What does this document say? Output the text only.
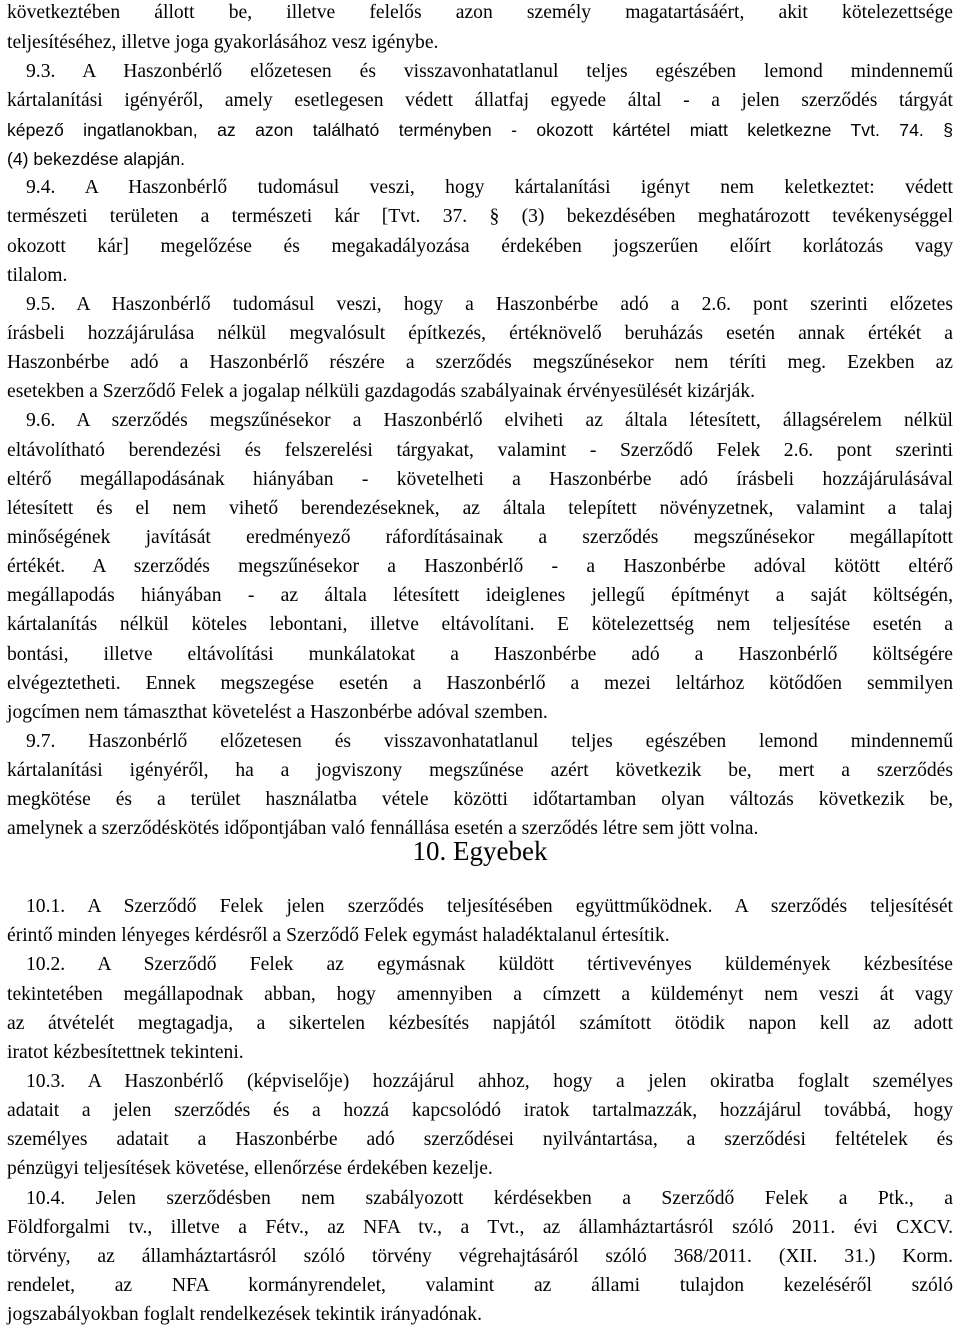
következtében állott be, illetve felelős azon személy magatartásáért, akit kötelezettsége
teljesítéséhez, illetve joga gyakorlásához vesz igénybe.
9.3. A Haszonbérlő előzetesen és visszavonhatatlanul teljes egészében lemond mindennemű
kártalanítási igényéről, amely esetlegesen védett állatfaj egyede által - a jelen szerződés tárgyát
képező ingatlanokban, az azon található terményben - okozott kártétel miatt keletkezne Tvt. 74. §
(4) bekezdése alapján.
9.4. A Haszonbérlő tudomásul veszi, hogy kártalanítási igényt nem keletkeztet: védett
természeti területen a természeti kár [Tvt. 37. § (3) bekezdésében meghatározott tevékenységgel
okozott kár] megelőzése és megakadályozása érdekében jogszerűen előírt korlátozás vagy
tilalom.
9.5. A Haszonbérlő tudomásul veszi, hogy a Haszonbérbe adó a 2.6. pont szerinti előzetes
írásbeli hozzájárulása nélkül megvalósult építkezés, értéknövelő beruházás esetén annak értékét a
Haszonbérbe adó a Haszonbérlő részére a szerződés megszűnésekor nem téríti meg. Ezekben az
esetekben a Szerződő Felek a jogalap nélküli gazdagodás szabályainak érvényesülését kizárják.
9.6. A szerződés megszűnésekor a Haszonbérlő elviheti az általa létesített, állagsérelem nélkül
eltávolítható berendezési és felszerelési tárgyakat, valamint - Szerződő Felek 2.6. pont szerinti
eltérő megállapodásának hiányában - követelheti a Haszonbérbe adó írásbeli hozzájárulásával
létesített és el nem vihető berendezéseknek, az általa telepített növényzetnek, valamint a talaj
minőségének javítását eredményező ráfordításainak a szerződés megszűnésekor megállapított
értékét. A szerződés megszűnésekor a Haszonbérlő - a Haszonbérbe adóval kötött eltérő
megállapodás hiányában - az általa létesített ideiglenes jellegű építményt a saját költségén,
kártalanítás nélkül köteles lebontani, illetve eltávolítani. E kötelezettség nem teljesítése esetén a
bontási, illetve eltávolítási munkálatokat a Haszonbérbe adó a Haszonbérlő költségére
elvégeztetheti. Ennek megszegése esetén a Haszonbérlő a mezei leltárhoz kötődően semmilyen
jogcímen nem támaszthat követelést a Haszonbérbe adóval szemben.
9.7. Haszonbérlő előzetesen és visszavonhatatlanul teljes egészében lemond mindennemű
kártalanítási igényéről, ha a jogviszony megszűnése azért következik be, mert a szerződés
megkötése és a terület használatba vétele közötti időtartamban olyan változás következik be,
amelynek a szerződéskötés időpontjában való fennállása esetén a szerződés létre sem jött volna.
10. Egyebek
10.1. A Szerződő Felek jelen szerződés teljesítésében együttműködnek. A szerződés teljesítését
érintő minden lényeges kérdésről a Szerződő Felek egymást haladéktalanul értesítik.
10.2. A Szerződő Felek az egymásnak küldött tértivevényes küldemények kézbesítése
tekintetében megállapodnak abban, hogy amennyiben a címzett a küldeményt nem veszi át vagy
az átvételét megtagadja, a sikertelen kézbesítés napjától számított ötödik napon kell az adott
iratot kézbesítettnek tekinteni.
10.3. A Haszonbérlő (képviselője) hozzájárul ahhoz, hogy a jelen okiratba foglalt személyes
adatait a jelen szerződés és a hozzá kapcsolódó iratok tartalmazzák, hozzájárul továbbá, hogy
személyes adatait a Haszonbérbe adó szerződései nyilvántartása, a szerződési feltételek és
pénzügyi teljesítések követése, ellenőrzése érdekében kezelje.
10.4. Jelen szerződésben nem szabályozott kérdésekben a Szerződő Felek a Ptk., a
Földforgalmi tv., illetve a Fétv., az NFA tv., a Tvt., az államháztartásról szóló 2011. évi CXCV.
törvény, az államháztartásról szóló törvény végrehajtásáról szóló 368/2011. (XII. 31.) Korm.
rendelet, az NFA kormányrendelet, valamint az állami tulajdon kezeléséről szóló
jogszabályokban foglalt rendelkezések tekintik irányadónak.
